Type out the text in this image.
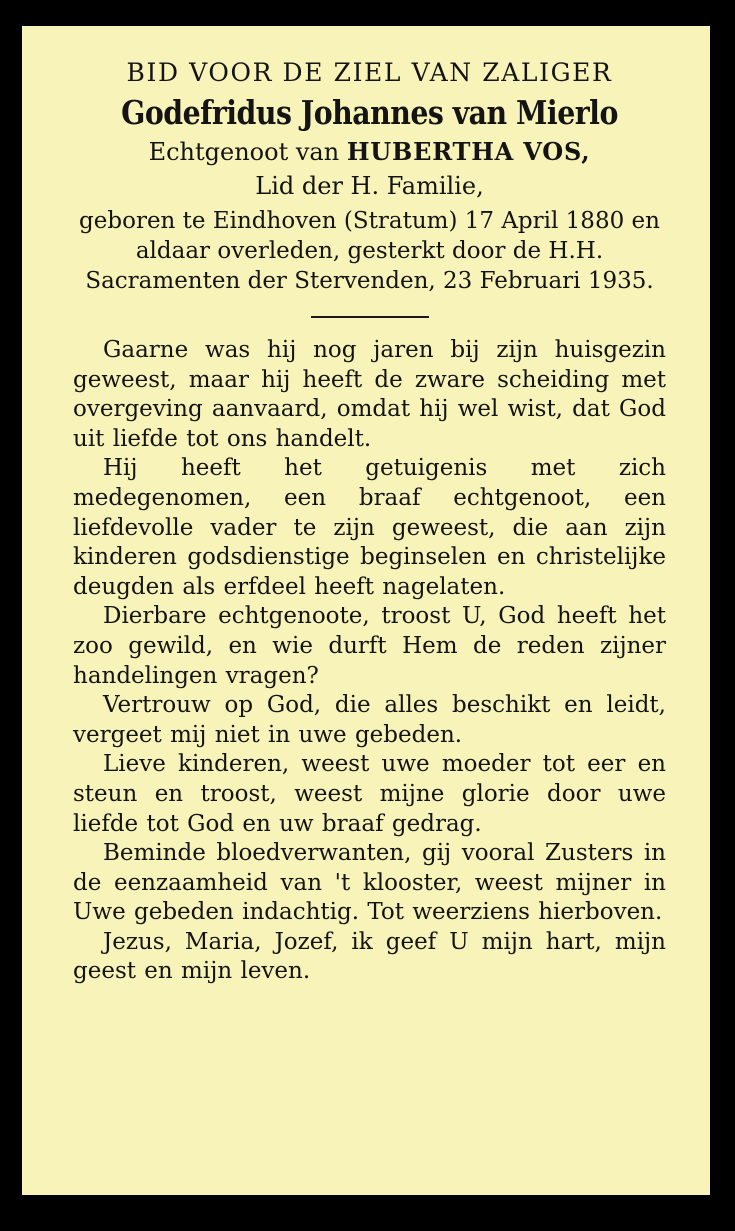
BID VOOR DE ZIEL VAN ZALIGER
Godefridus Johannes van Mierlo
Echtgenoot van HUBERTHA VOS,
Lid der H. Familie,
geboren te Eindhoven (Stratum) 17 April 1880 en aldaar overleden, gesterkt door de H.H. Sacramenten der Stervenden, 23 Februari 1935.

Gaarne was hij nog jaren bij zijn huisgezin geweest, maar hij heeft de zware scheiding met overgeving aanvaard, omdat hij wel wist, dat God uit liefde tot ons handelt.

Hij heeft het getuigenis met zich medegenomen, een braaf echtgenoot, een liefdevolle vader te zijn geweest, die aan zijn kinderen godsdienstige beginselen en christelijke deugden als erfdeel heeft nagelaten.

Dierbare echtgenoote, troost U, God heeft het zoo gewild, en wie durft Hem de reden zijner handelingen vragen?

Vertrouw op God, die alles beschikt en leidt, vergeet mij niet in uwe gebeden.

Lieve kinderen, weest uwe moeder tot eer en steun en troost, weest mijne glorie door uwe liefde tot God en uw braaf gedrag.

Beminde bloedverwanten, gij vooral Zusters in de eenzaamheid van 't klooster, weest mijner in Uwe gebeden indachtig. Tot weerziens hierboven.

Jezus, Maria, Jozef, ik geef U mijn hart, mijn geest en mijn leven.
